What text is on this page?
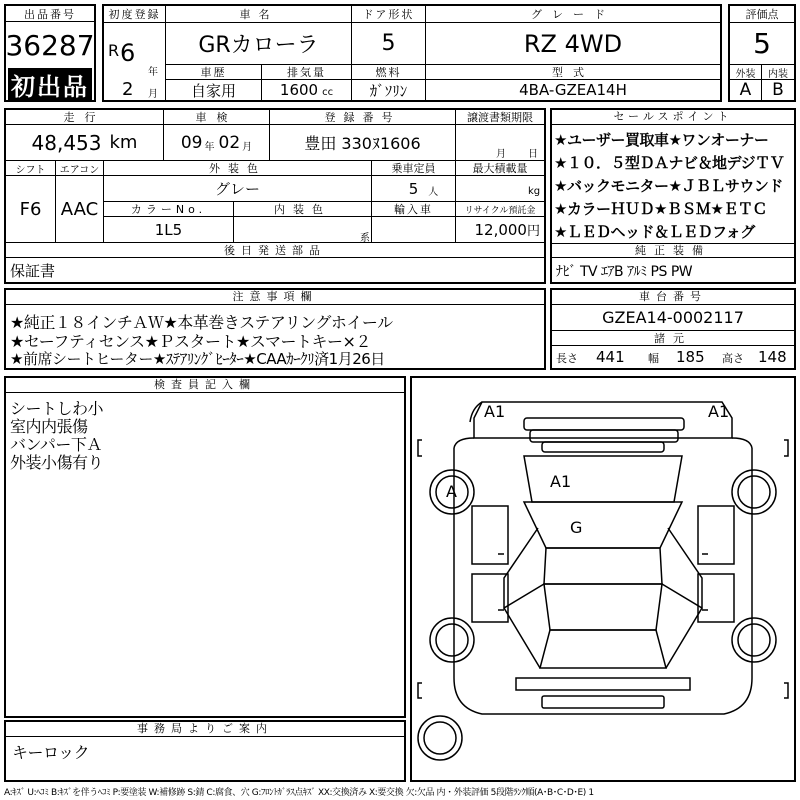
出品番号
36287
初出品
初度登録
R 6
年
2 月
車名
GRカローラ
ドア形状
5
グレード
RZ 4WD
車歴
自家用
排気量
1600 cc
燃料
ｶﾞｿﾘﾝ
型式
4BA-GZEA14H
評価点
5
外装	内装
A	B
走行
48,453 km
車検
09 年 02 月
登録番号
豊田 330ﾇ1606
譲渡書類期限
月 日
シフト
F6
エアコン
AAC
外装色
グレー
乗車定員
5 人
最大積載量
kg
カラーNo.
1L5
内装色
系
輸入車	リサイクル預託金
12,000 円
後日発送部品
保証書
セールスポイント
★ユーザー買取車★ワンオーナー
★１０．５型ＤＡナビ＆地デジＴＶ
★バックモニター★ＪＢＬサウンド
★カラーＨＵＤ★ＢＳＭ★ＥＴＣ
★ＬＥＤヘッド＆ＬＥＤフォグ
純正装備
ﾅﾋﾞ TV ｴｱB ｱﾙﾐ PS PW
注意事項欄
★純正１８インチＡＷ★本革巻きステアリングホイール
★セーフティセンス★Ｐスタート★スマートキー×２
★前席シートヒーター★ｽﾃｱﾘﾝｸﾞﾋｰﾀｰ★CAAｶｰｸﾘ済1月26日
車台番号
GZEA14-0002117
諸元
長さ 441 幅 185 高さ 148
検査員記入欄
シートしわ小
室内内張傷
バンパー下Ａ
外装小傷有り
事務局よりご案内
キーロック
A1	A1
A
A1
G
A:ｷｽﾞ U:ﾍｺﾐ B:ｷｽﾞを伴うﾍｺﾐ P:要塗装 W:補修跡 S:錆 C:腐食、穴 G:ﾌﾛﾝﾄｶﾞﾗｽ点ｷｽﾞ XX:交換済み X:要交換 欠:欠品 内・外装評価 5段階ﾗﾝｸ順(A･B･C･D･E) 1
